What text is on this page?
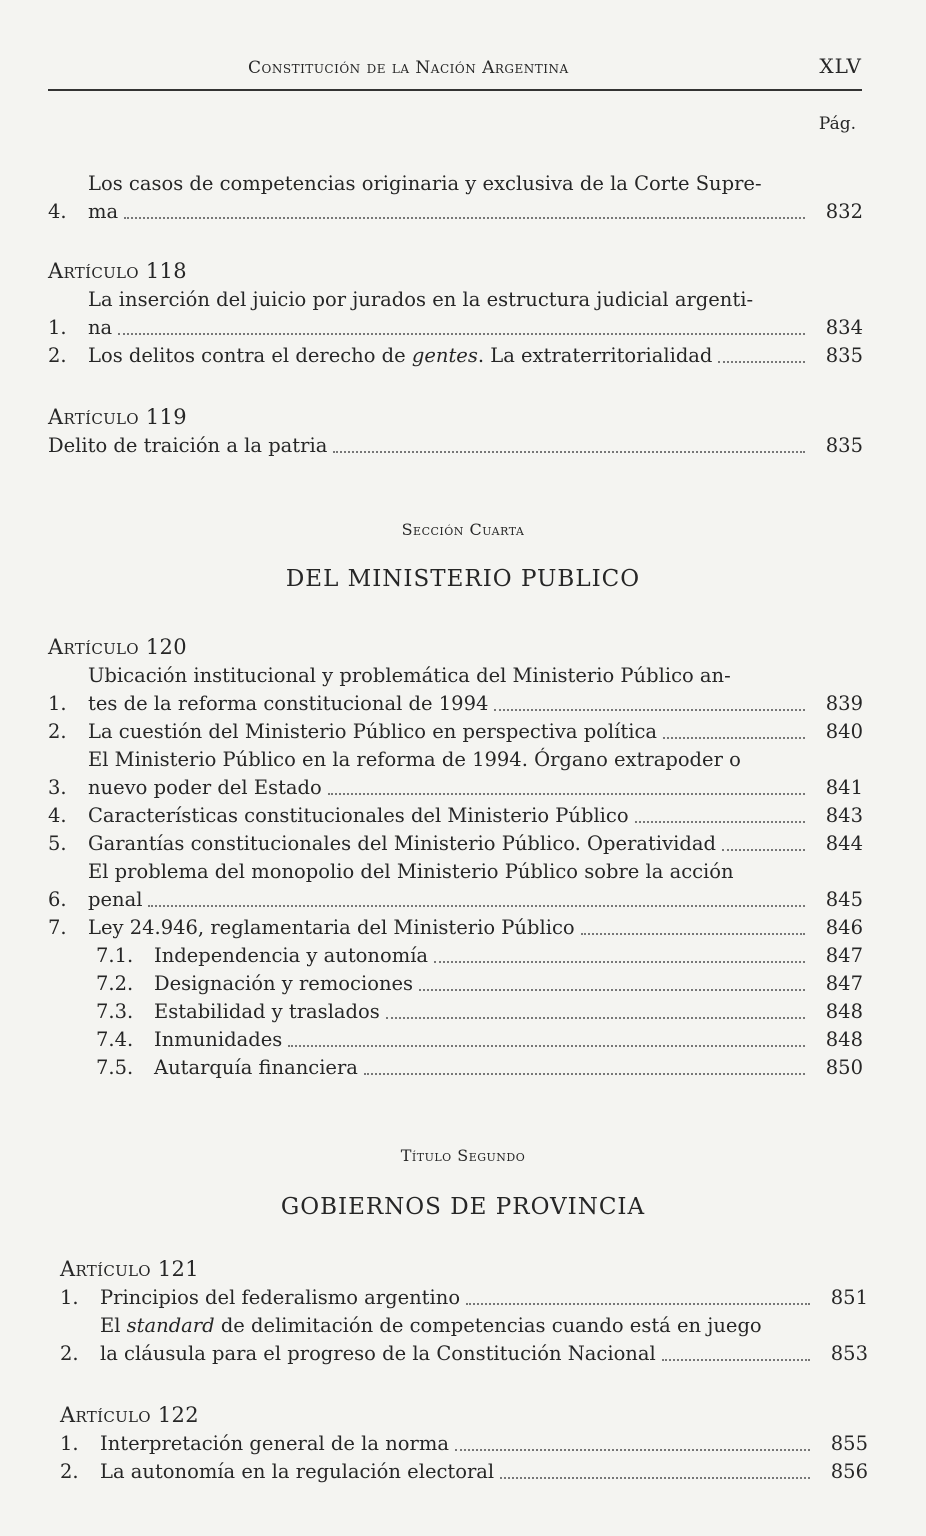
Constitución de la Nación Argentina	XLV
Pág.
4.
Los casos de competencias originaria y exclusiva de la Corte Supre-
ma	832
Artículo 118
1.
La inserción del juicio por jurados en la estructura judicial argenti-
na	834
2.	Los delitos contra el derecho de gentes. La extraterritorialidad	835
Artículo 119
Delito de traición a la patria	835
Sección Cuarta
DEL MINISTERIO PUBLICO
Artículo 120
1.
Ubicación institucional y problemática del Ministerio Público an-
tes de la reforma constitucional de 1994	839
2.	La cuestión del Ministerio Público en perspectiva política	840
3.
El Ministerio Público en la reforma de 1994. Órgano extrapoder o
nuevo poder del Estado	841
4.	Características constitucionales del Ministerio Público	843
5.	Garantías constitucionales del Ministerio Público. Operatividad	844
6.
El problema del monopolio del Ministerio Público sobre la acción
penal	845
7.	Ley 24.946, reglamentaria del Ministerio Público	846
7.1.	Independencia y autonomía	847
7.2.	Designación y remociones	847
7.3.	Estabilidad y traslados	848
7.4.	Inmunidades	848
7.5.	Autarquía financiera	850
Título Segundo
GOBIERNOS DE PROVINCIA
Artículo 121
1.	Principios del federalismo argentino	851
2.
El standard de delimitación de competencias cuando está en juego
la cláusula para el progreso de la Constitución Nacional	853
Artículo 122
1.	Interpretación general de la norma	855
2.	La autonomía en la regulación electoral	856
